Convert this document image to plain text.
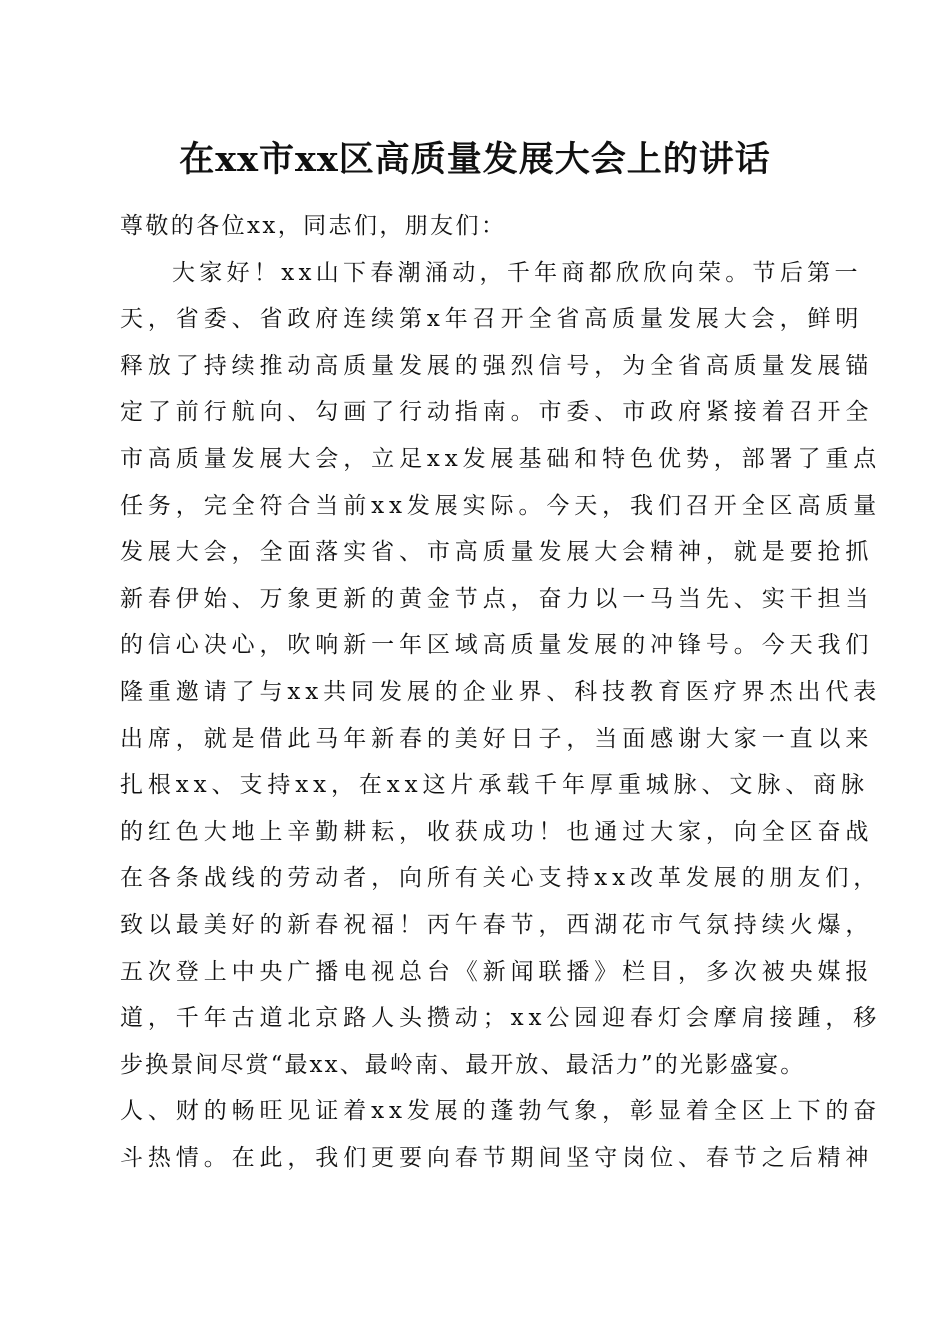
在xx市xx区高质量发展大会上的讲话

尊敬的各位xx，同志们，朋友们：

大家好！xx山下春潮涌动，千年商都欣欣向荣。节后第一

天，省委、省政府连续第x年召开全省高质量发展大会，鲜明

释放了持续推动高质量发展的强烈信号，为全省高质量发展锚

定了前行航向、勾画了行动指南。市委、市政府紧接着召开全

市高质量发展大会，立足xx发展基础和特色优势，部署了重点

任务，完全符合当前xx发展实际。今天，我们召开全区高质量

发展大会，全面落实省、市高质量发展大会精神，就是要抢抓

新春伊始、万象更新的黄金节点，奋力以一马当先、实干担当

的信心决心，吹响新一年区域高质量发展的冲锋号。今天我们

隆重邀请了与xx共同发展的企业界、科技教育医疗界杰出代表

出席，就是借此马年新春的美好日子，当面感谢大家一直以来

扎根xx、支持xx，在xx这片承载千年厚重城脉、文脉、商脉

的红色大地上辛勤耕耘，收获成功！也通过大家，向全区奋战

在各条战线的劳动者，向所有关心支持xx改革发展的朋友们，

致以最美好的新春祝福！丙午春节，西湖花市气氛持续火爆，

五次登上中央广播电视总台《新闻联播》栏目，多次被央媒报

道，千年古道北京路人头攒动；xx公园迎春灯会摩肩接踵，移

步换景间尽赏“最xx、最岭南、最开放、最活力”的光影盛宴。

人、财的畅旺见证着xx发展的蓬勃气象，彰显着全区上下的奋

斗热情。在此，我们更要向春节期间坚守岗位、春节之后精神
